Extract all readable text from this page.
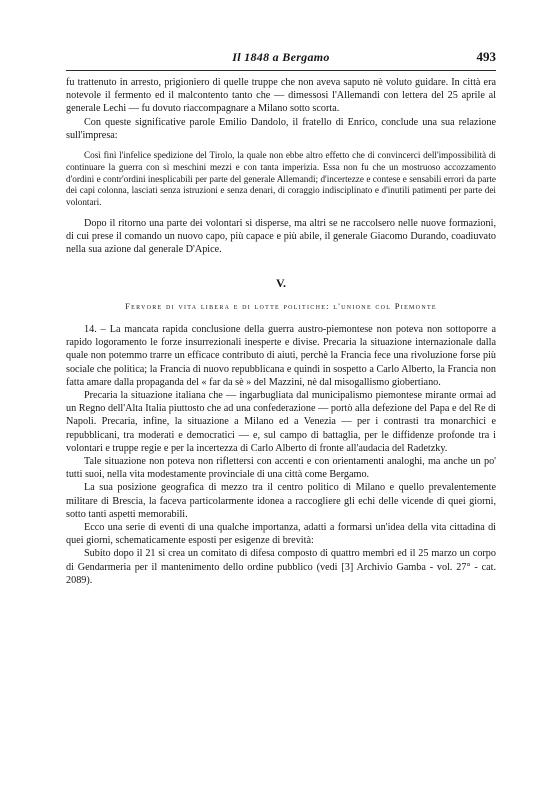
Il 1848 a Bergamo	493

fu trattenuto in arresto, prigioniero di quelle truppe che non aveva saputo nè voluto guidare. In città era notevole il fermento ed il malcontento tanto che — dimessosi l'Allemandi con lettera del 25 aprile al generale Lechi — fu dovuto riaccompagnare a Milano sotto scorta.

Con queste significative parole Emilio Dandolo, il fratello di Enrico, conclude una sua relazione sull'impresa:

Così finì l'infelice spedizione del Tirolo, la quale non ebbe altro effetto che di convincerci dell'impossibilità di continuare la guerra con sì meschini mezzi e con tanta imperizia. Essa non fu che un mostruoso accozzamento d'ordini e contr'ordini inesplicabili per parte del generale Allemandi; d'incertezze e contese e sensabili errori da parte dei capi colonna, lasciati senza istruzioni e senza denari, di coraggio indisciplinato e d'inutili patimenti per parte dei volontari.

Dopo il ritorno una parte dei volontari si disperse, ma altri se ne raccolsero nelle nuove formazioni, di cui prese il comando un nuovo capo, più capace e più abile, il generale Giacomo Durando, coadiuvato nella sua azione dal generale D'Apice.

V.
Fervore di vita libera e di lotte politiche: l'unione col Piemonte

14. – La mancata rapida conclusione della guerra austro-piemontese non poteva non sottoporre a rapido logoramento le forze insurrezionali inesperte e divise. Precaria la situazione internazionale dalla quale non potemmo trarre un efficace contributo di aiuti, perchè la Francia fece una rivoluzione forse più sociale che politica; la Francia di nuovo repubblicana e quindi in sospetto a Carlo Alberto, la Francia non fatta amare dalla propaganda del « far da sè » del Mazzini, nè dal misogallismo giobertiano.

Precaria la situazione italiana che — ingarbugliata dal municipalismo piemontese mirante ormai ad un Regno dell'Alta Italia piuttosto che ad una confederazione — portò alla defezione del Papa e del Re di Napoli. Precaria, infine, la situazione a Milano ed a Venezia — per i contrasti tra monarchici e repubblicani, tra moderati e democratici — e, sul campo di battaglia, per le diffidenze profonde tra i volontari e truppe regie e per la incertezza di Carlo Alberto di fronte all'audacia del Radetzky.

Tale situazione non poteva non riflettersi con accenti e con orientamenti analoghi, ma anche un po' tutti suoi, nella vita modestamente provinciale di una città come Bergamo.

La sua posizione geografica di mezzo tra il centro politico di Milano e quello prevalentemente militare di Brescia, la faceva particolarmente idonea a raccogliere gli echi delle vicende di quei giorni, sotto tanti aspetti memorabili.

Ecco una serie di eventi di una qualche importanza, adatti a formarsi un'idea della vita cittadina di quei giorni, schematicamente esposti per esigenze di brevità:

Subito dopo il 21 si crea un comitato di difesa composto di quattro membri ed il 25 marzo un corpo di Gendarmeria per il mantenimento dello ordine pubblico (vedi [3] Archivio Gamba - vol. 27° - cat. 2089).
